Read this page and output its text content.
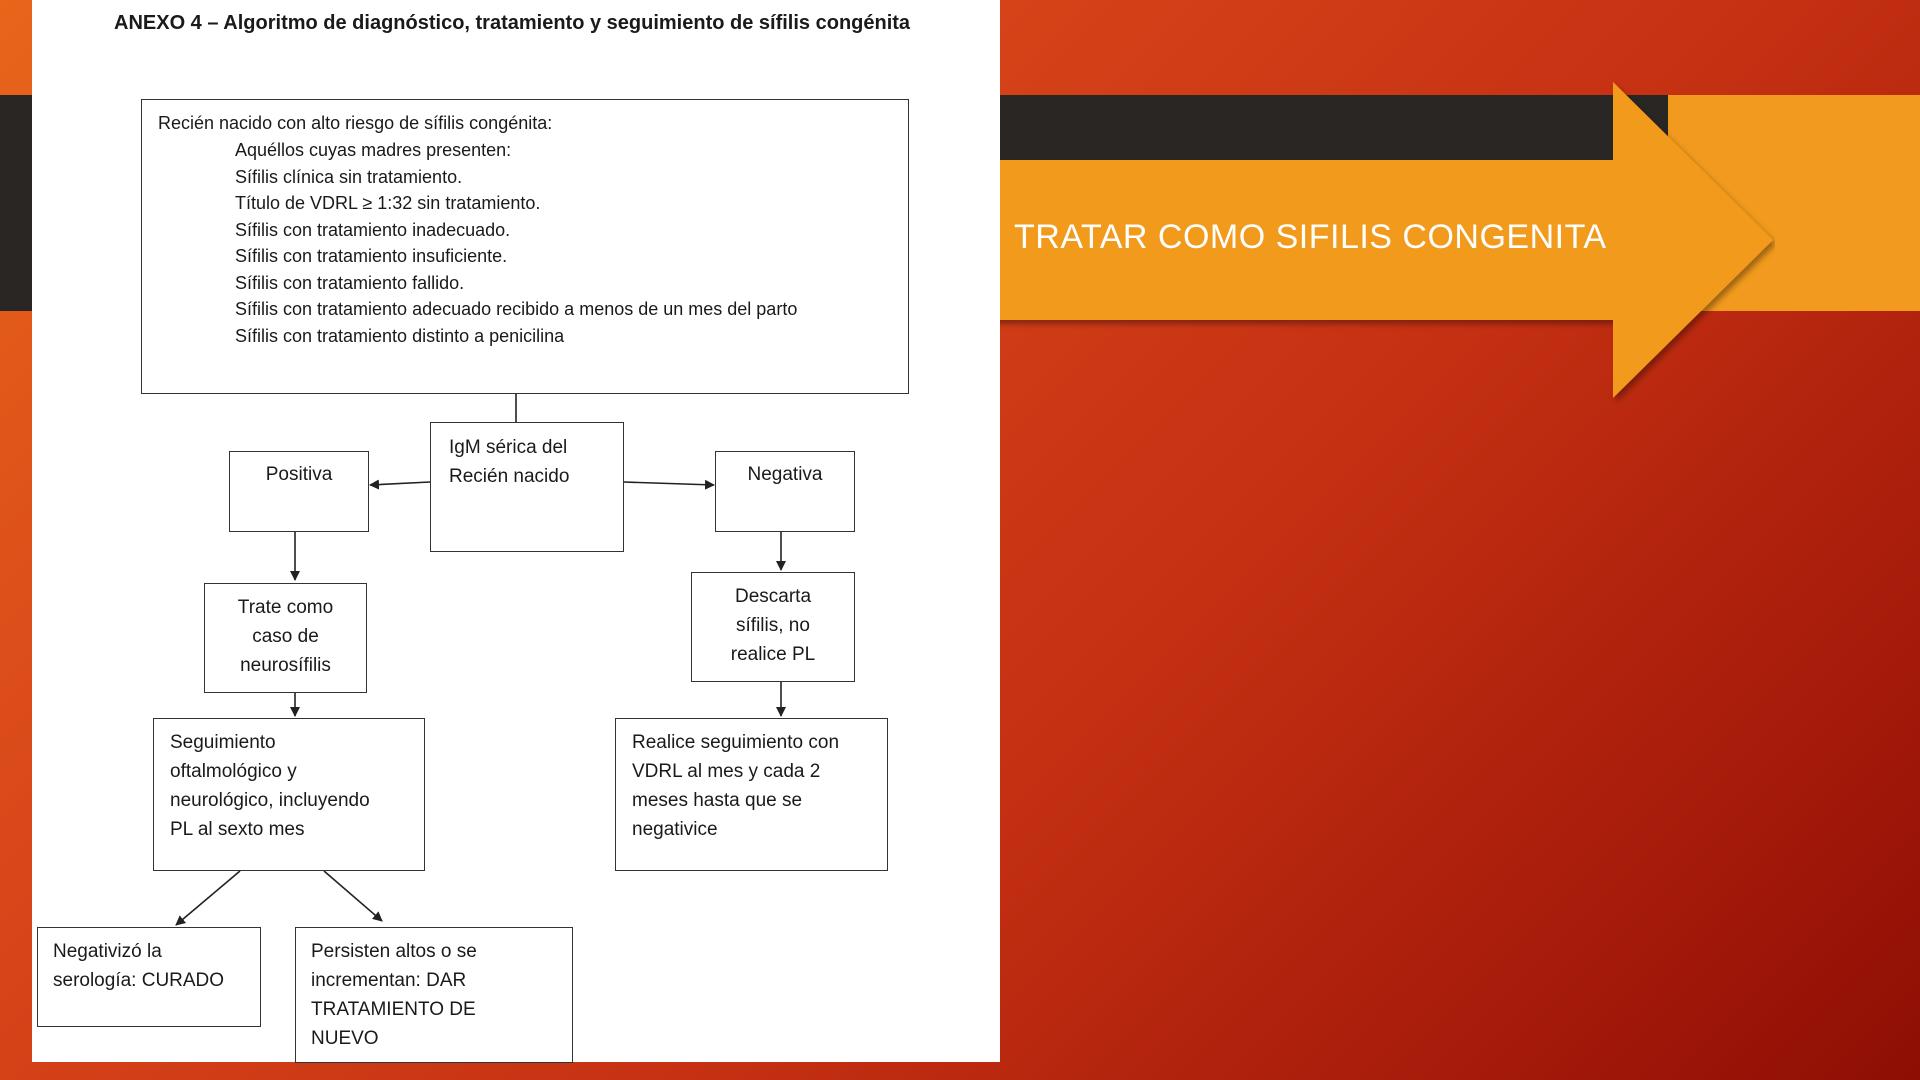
TRATAR COMO SIFILIS CONGENITA
ANEXO 4 – Algoritmo de diagnóstico, tratamiento y seguimiento de sífilis congénita
Recién nacido con alto riesgo de sífilis congénita:
Aquéllos cuyas madres presenten:
Sífilis clínica sin tratamiento.
Título de VDRL ≥ 1:32 sin tratamiento.
Sífilis con tratamiento inadecuado.
Sífilis con tratamiento insuficiente.
Sífilis con tratamiento fallido.
Sífilis con tratamiento adecuado recibido a menos de un mes del parto
Sífilis con tratamiento distinto a penicilina
IgM sérica del
Recién nacido
Positiva	Negativa
Trate como
caso de
neurosífilis
Descarta
sífilis, no
realice PL
Seguimiento
oftalmológico y
neurológico, incluyendo
PL al sexto mes
Realice seguimiento con
VDRL al mes y cada 2
meses hasta que se
negativice
Negativizó la
serología: CURADO
Persisten altos o se
incrementan: DAR
TRATAMIENTO DE
NUEVO
